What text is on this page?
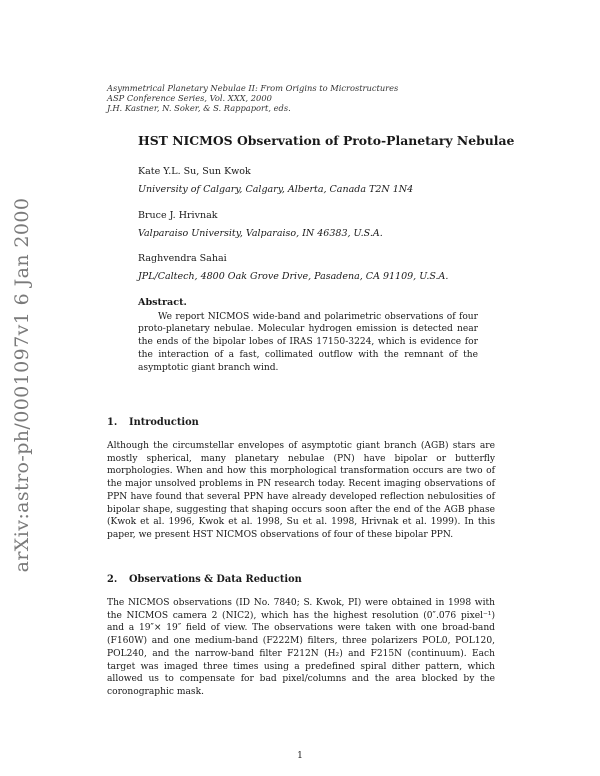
arXiv:astro-ph/0001097v1 6 Jan 2000
Asymmetrical Planetary Nebulae II: From Origins to Microstructures
ASP Conference Series, Vol. XXX, 2000
J.H. Kastner, N. Soker, & S. Rappaport, eds.
HST NICMOS Observation of Proto-Planetary Nebulae
Kate Y.L. Su, Sun Kwok
University of Calgary, Calgary, Alberta, Canada T2N 1N4
Bruce J. Hrivnak
Valparaiso University, Valparaiso, IN 46383, U.S.A.
Raghvendra Sahai
JPL/Caltech, 4800 Oak Grove Drive, Pasadena, CA 91109, U.S.A.
Abstract.

We report NICMOS wide-band and polarimetric observations of four proto-planetary nebulae. Molecular hydrogen emission is detected near the ends of the bipolar lobes of IRAS 17150-3224, which is evidence for the interaction of a fast, collimated outflow with the remnant of the asymptotic giant branch wind.

1. Introduction

Although the circumstellar envelopes of asymptotic giant branch (AGB) stars are mostly spherical, many planetary nebulae (PN) have bipolar or butterfly morphologies. When and how this morphological transformation occurs are two of the major unsolved problems in PN research today. Recent imaging observations of PPN have found that several PPN have already developed reflection nebulosities of bipolar shape, suggesting that shaping occurs soon after the end of the AGB phase (Kwok et al. 1996, Kwok et al. 1998, Su et al. 1998, Hrivnak et al. 1999). In this paper, we present HST NICMOS observations of four of these bipolar PPN.

2. Observations & Data Reduction

The NICMOS observations (ID No. 7840; S. Kwok, PI) were obtained in 1998 with the NICMOS camera 2 (NIC2), which has the highest resolution (0″.076 pixel⁻¹) and a 19″× 19″ field of view. The observations were taken with one broad-band (F160W) and one medium-band (F222M) filters, three polarizers POL0, POL120, POL240, and the narrow-band filter F212N (H₂) and F215N (continuum). Each target was imaged three times using a predefined spiral dither pattern, which allowed us to compensate for bad pixel/columns and the area blocked by the coronographic mask.

1
